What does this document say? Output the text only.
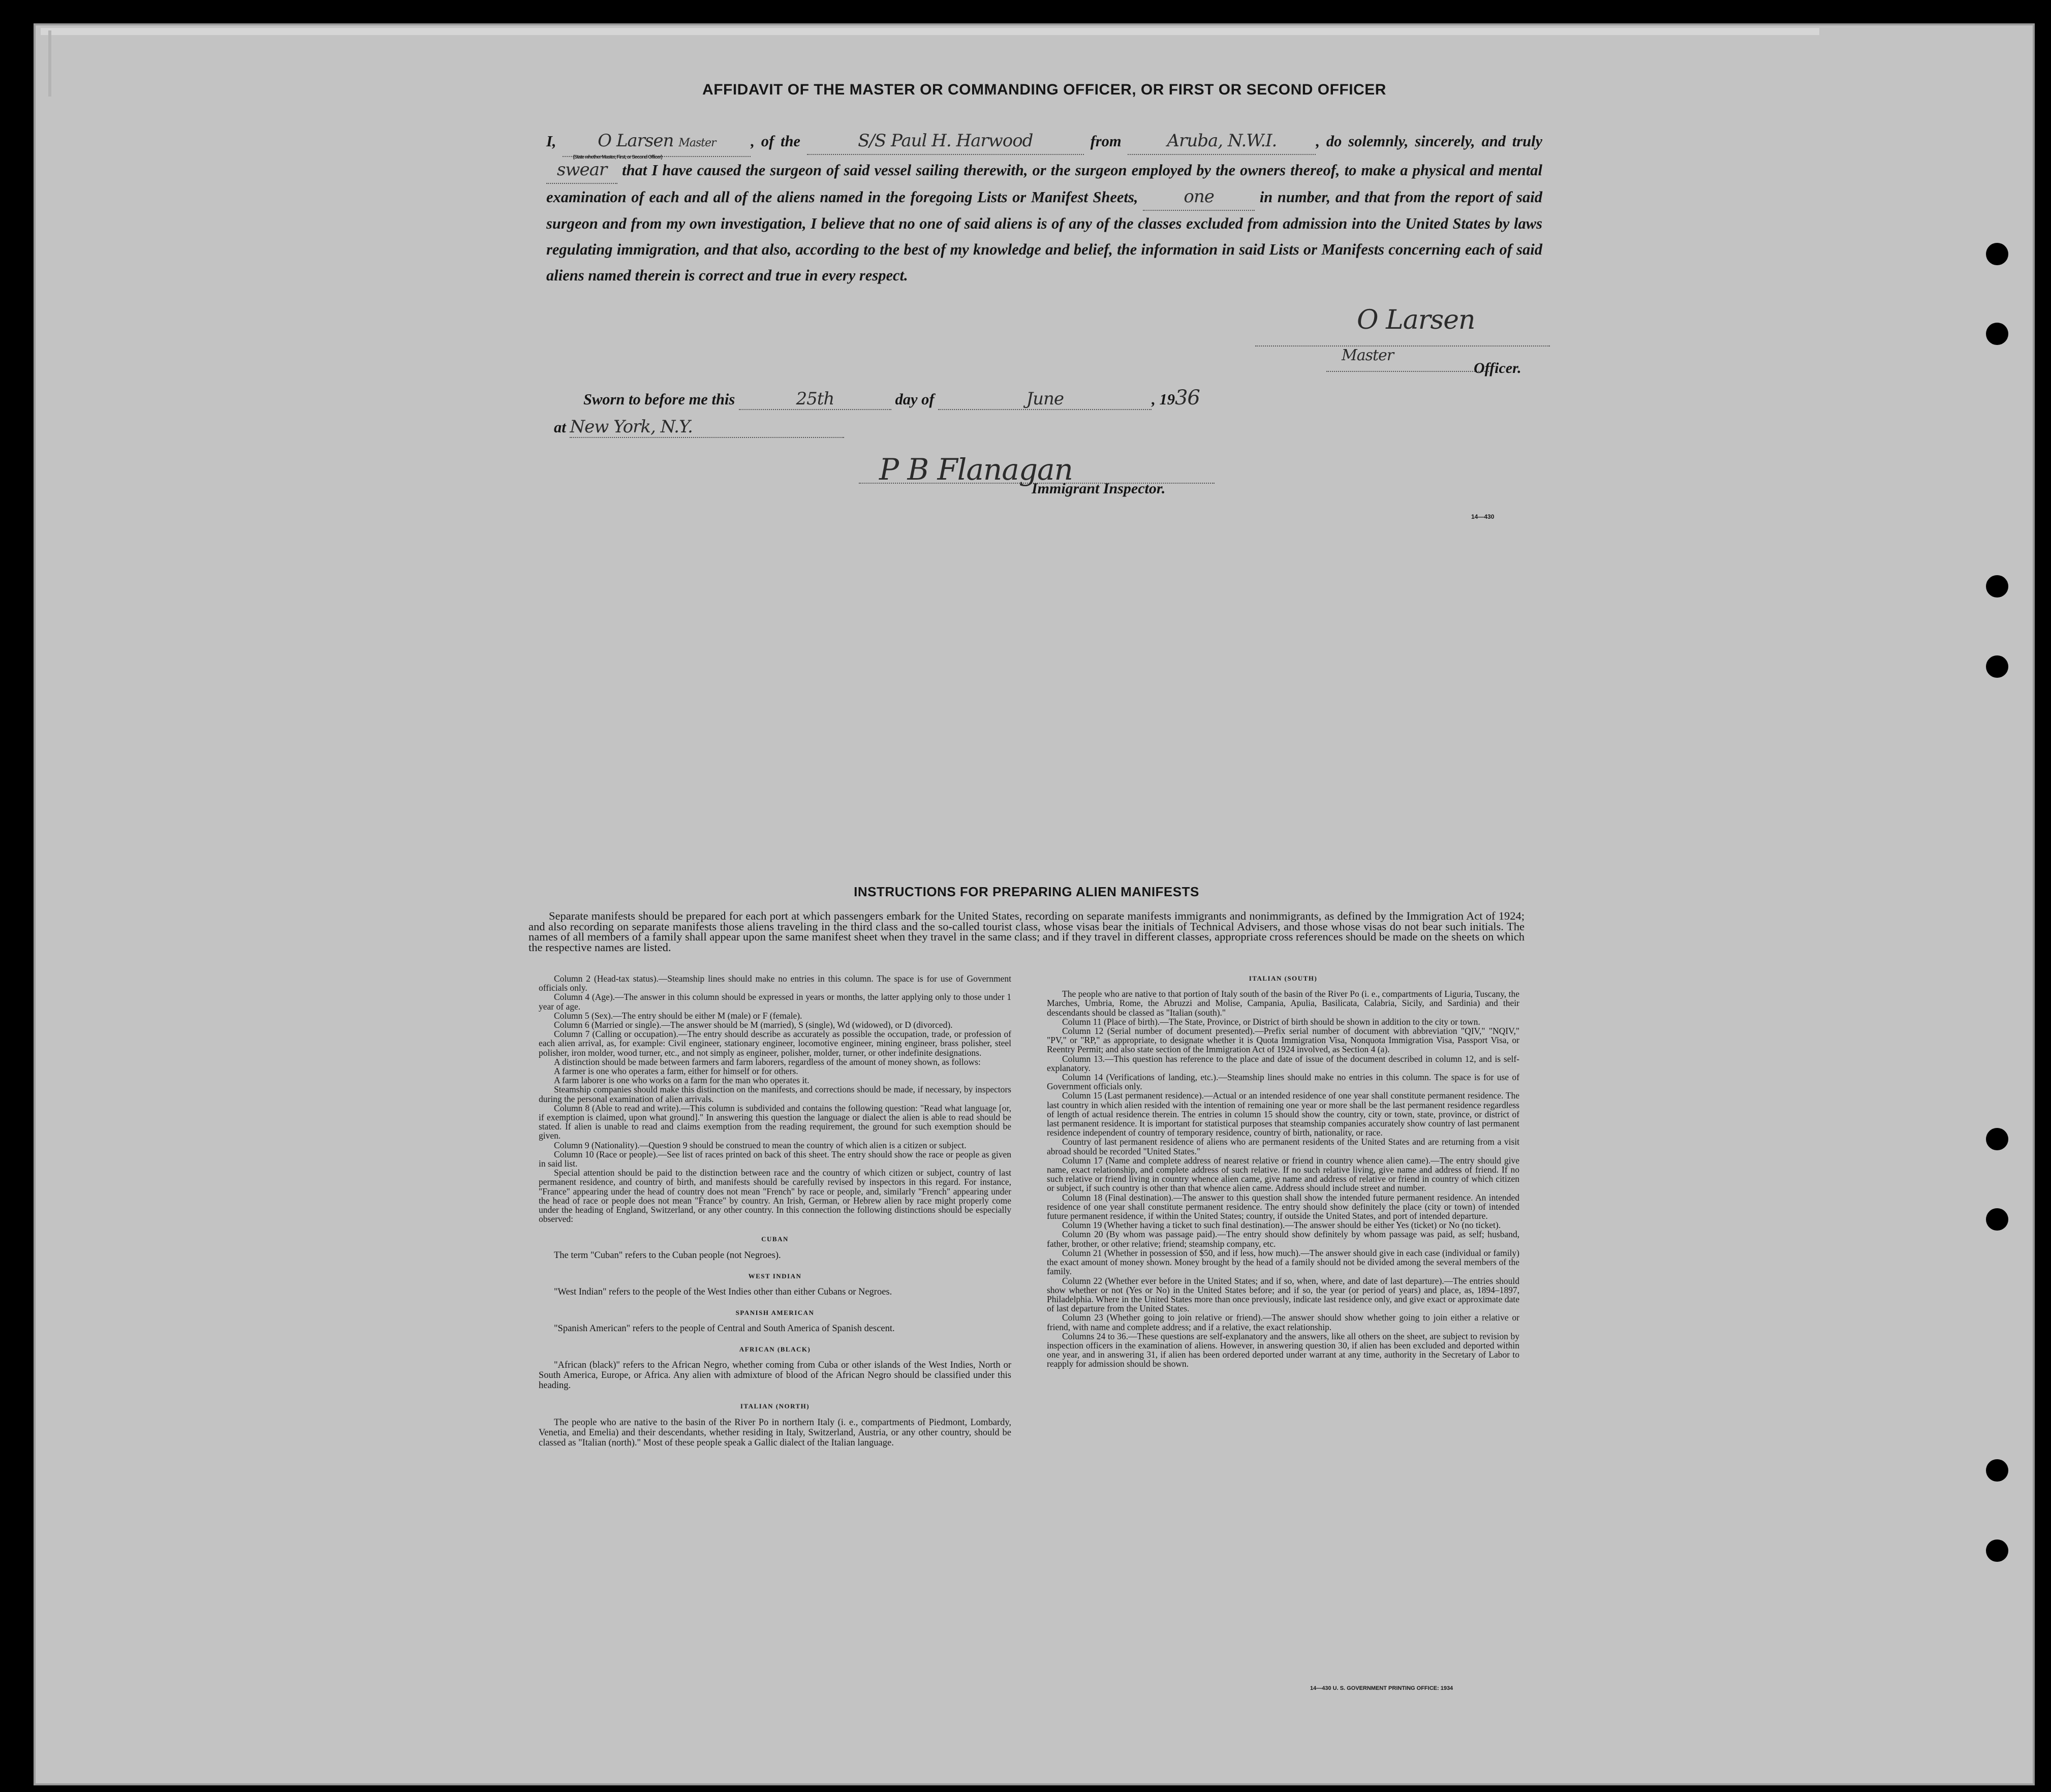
AFFIDAVIT OF THE MASTER OR COMMANDING OFFICER, OR FIRST OR SECOND OFFICER
I, O Larsen Master
(State whether Master, First, or Second Officer)
, of the	S/S Paul H. Harwood	from	Aruba, N.W.I.	, do solemnly, sincerely, and truly swear that I have caused the surgeon of said vessel sailing therewith, or the surgeon employed by the owners thereof, to make a physical and mental examination of each and all of the aliens named in the foregoing Lists or Manifest Sheets,	one	in number, and that from the report of said surgeon and from my own investigation, I believe that no one of said aliens is of any of the classes excluded from admission into the United States by laws regulating immigration, and that also, according to the best of my knowledge and belief, the information in said Lists or Manifests concerning each of said aliens named therein is correct and true in every respect.
O Larsen
Master
Officer.
Sworn to before me this	25th	day of	June	, 1936
at New York, N.Y.
P B Flanagan
Immigrant Inspector.
14—430
INSTRUCTIONS FOR PREPARING ALIEN MANIFESTS
Separate manifests should be prepared for each port at which passengers embark for the United States, recording on separate manifests immigrants and nonimmigrants, as defined by the Immigration Act of 1924; and also recording on separate manifests those aliens traveling in the third class and the so-called tourist class, whose visas bear the initials of Technical Advisers, and those whose visas do not bear such initials. The names of all members of a family shall appear upon the same manifest sheet when they travel in the same class; and if they travel in different classes, appropriate cross references should be made on the sheets on which the respective names are listed.

Column 2 (Head-tax status).—Steamship lines should make no entries in this column. The space is for use of Government officials only.

Column 4 (Age).—The answer in this column should be expressed in years or months, the latter applying only to those under 1 year of age.

Column 5 (Sex).—The entry should be either M (male) or F (female).

Column 6 (Married or single).—The answer should be M (married), S (single), Wd (widowed), or D (divorced).

Column 7 (Calling or occupation).—The entry should describe as accurately as possible the occupation, trade, or profession of each alien arrival, as, for example: Civil engineer, stationary engineer, locomotive engineer, mining engineer, brass polisher, steel polisher, iron molder, wood turner, etc., and not simply as engineer, polisher, molder, turner, or other indefinite designations.

A distinction should be made between farmers and farm laborers, regardless of the amount of money shown, as follows:

A farmer is one who operates a farm, either for himself or for others.

A farm laborer is one who works on a farm for the man who operates it.

Steamship companies should make this distinction on the manifests, and corrections should be made, if necessary, by inspectors during the personal examination of alien arrivals.

Column 8 (Able to read and write).—This column is subdivided and contains the following question: "Read what language [or, if exemption is claimed, upon what ground]." In answering this question the language or dialect the alien is able to read should be stated. If alien is unable to read and claims exemption from the reading requirement, the ground for such exemption should be given.

Column 9 (Nationality).—Question 9 should be construed to mean the country of which alien is a citizen or subject.

Column 10 (Race or people).—See list of races printed on back of this sheet. The entry should show the race or people as given in said list.

Special attention should be paid to the distinction between race and the country of which citizen or subject, country of last permanent residence, and country of birth, and manifests should be carefully revised by inspectors in this regard. For instance, "France" appearing under the head of country does not mean "French" by race or people, and, similarly "French" appearing under the head of race or people does not mean "France" by country. An Irish, German, or Hebrew alien by race might properly come under the heading of England, Switzerland, or any other country. In this connection the following distinctions should be especially observed:

CUBAN

The term "Cuban" refers to the Cuban people (not Negroes).

WEST INDIAN

"West Indian" refers to the people of the West Indies other than either Cubans or Negroes.

SPANISH AMERICAN

"Spanish American" refers to the people of Central and South America of Spanish descent.

AFRICAN (BLACK)

"African (black)" refers to the African Negro, whether coming from Cuba or other islands of the West Indies, North or South America, Europe, or Africa. Any alien with admixture of blood of the African Negro should be classified under this heading.

ITALIAN (NORTH)

The people who are native to the basin of the River Po in northern Italy (i. e., compartments of Piedmont, Lombardy, Venetia, and Emelia) and their descendants, whether residing in Italy, Switzerland, Austria, or any other country, should be classed as "Italian (north)." Most of these people speak a Gallic dialect of the Italian language.

ITALIAN (SOUTH)

The people who are native to that portion of Italy south of the basin of the River Po (i. e., compartments of Liguria, Tuscany, the Marches, Umbria, Rome, the Abruzzi and Molise, Campania, Apulia, Basilicata, Calabria, Sicily, and Sardinia) and their descendants should be classed as "Italian (south)."

Column 11 (Place of birth).—The State, Province, or District of birth should be shown in addition to the city or town.

Column 12 (Serial number of document presented).—Prefix serial number of document with abbreviation "QIV," "NQIV," "PV," or "RP," as appropriate, to designate whether it is Quota Immigration Visa, Nonquota Immigration Visa, Passport Visa, or Reentry Permit; and also state section of the Immigration Act of 1924 involved, as Section 4 (a).

Column 13.—This question has reference to the place and date of issue of the document described in column 12, and is self-explanatory.

Column 14 (Verifications of landing, etc.).—Steamship lines should make no entries in this column. The space is for use of Government officials only.

Column 15 (Last permanent residence).—Actual or an intended residence of one year shall constitute permanent residence. The last country in which alien resided with the intention of remaining one year or more shall be the last permanent residence regardless of length of actual residence therein. The entries in column 15 should show the country, city or town, state, province, or district of last permanent residence. It is important for statistical purposes that steamship companies accurately show country of last permanent residence independent of country of temporary residence, country of birth, nationality, or race.

Country of last permanent residence of aliens who are permanent residents of the United States and are returning from a visit abroad should be recorded "United States."

Column 17 (Name and complete address of nearest relative or friend in country whence alien came).—The entry should give name, exact relationship, and complete address of such relative. If no such relative living, give name and address of friend. If no such relative or friend living in country whence alien came, give name and address of relative or friend in country of which citizen or subject, if such country is other than that whence alien came. Address should include street and number.

Column 18 (Final destination).—The answer to this question shall show the intended future permanent residence. An intended residence of one year shall constitute permanent residence. The entry should show definitely the place (city or town) of intended future permanent residence, if within the United States; country, if outside the United States, and port of intended departure.

Column 19 (Whether having a ticket to such final destination).—The answer should be either Yes (ticket) or No (no ticket).

Column 20 (By whom was passage paid).—The entry should show definitely by whom passage was paid, as self; husband, father, brother, or other relative; friend; steamship company, etc.

Column 21 (Whether in possession of $50, and if less, how much).—The answer should give in each case (individual or family) the exact amount of money shown. Money brought by the head of a family should not be divided among the several members of the family.

Column 22 (Whether ever before in the United States; and if so, when, where, and date of last departure).—The entries should show whether or not (Yes or No) in the United States before; and if so, the year (or period of years) and place, as, 1894–1897, Philadelphia. Where in the United States more than once previously, indicate last residence only, and give exact or approximate date of last departure from the United States.

Column 23 (Whether going to join relative or friend).—The answer should show whether going to join either a relative or friend, with name and complete address; and if a relative, the exact relationship.

Columns 24 to 36.—These questions are self-explanatory and the answers, like all others on the sheet, are subject to revision by inspection officers in the examination of aliens. However, in answering question 30, if alien has been excluded and deported within one year, and in answering 31, if alien has been ordered deported under warrant at any time, authority in the Secretary of Labor to reapply for admission should be shown.

14—430 U. S. GOVERNMENT PRINTING OFFICE: 1934
